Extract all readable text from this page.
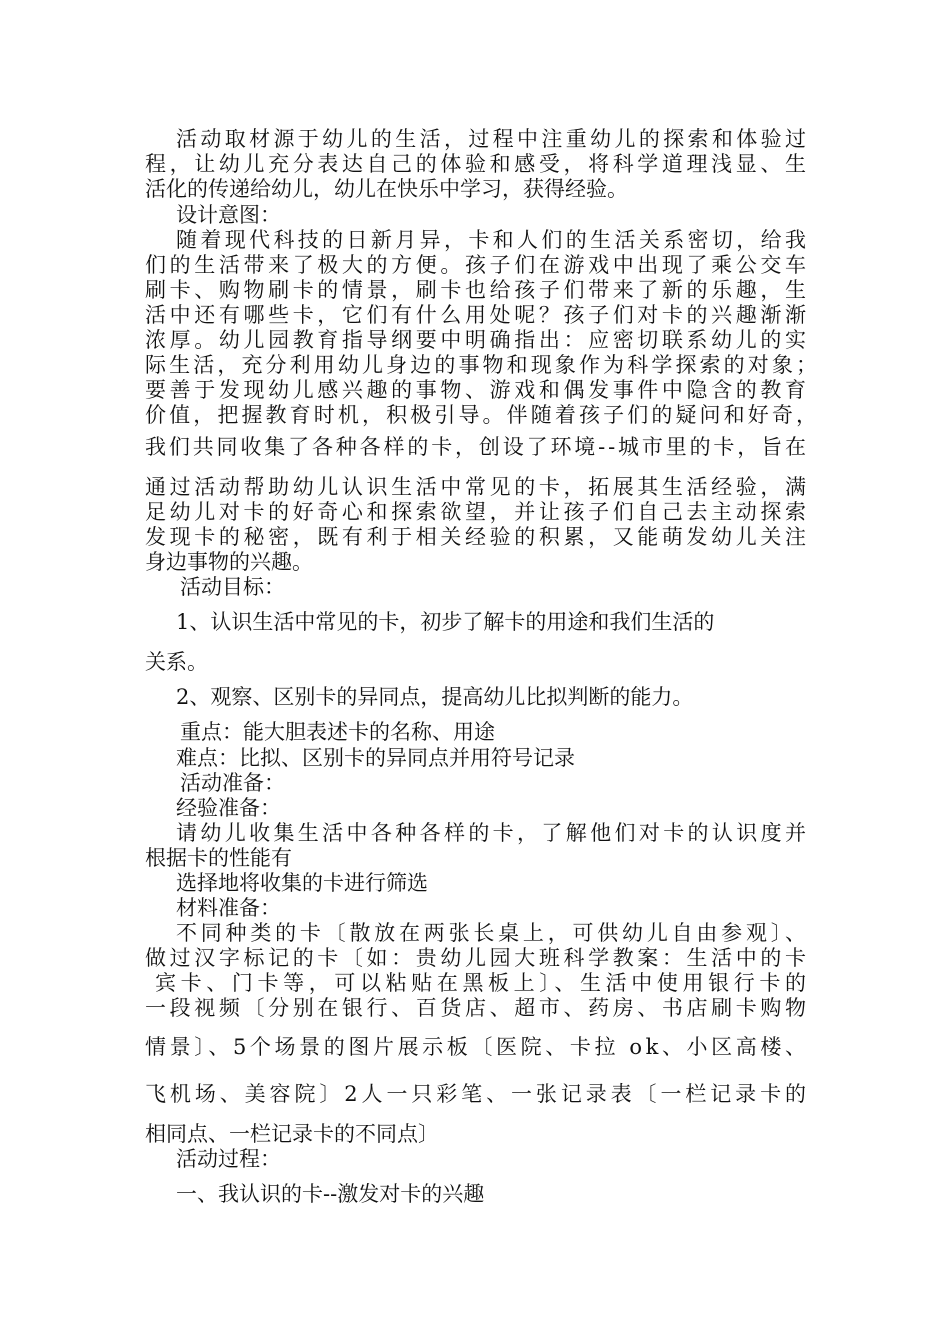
活动取材源于幼儿的生活，过程中注重幼儿的探索和体验过
程，让幼儿充分表达自己的体验和感受，将科学道理浅显、生
活化的传递给幼儿，幼儿在快乐中学习，获得经验。
设计意图：
随着现代科技的日新月异，卡和人们的生活关系密切，给我
们的生活带来了极大的方便。孩子们在游戏中出现了乘公交车
刷卡、购物刷卡的情景，刷卡也给孩子们带来了新的乐趣，生
活中还有哪些卡，它们有什么用处呢？孩子们对卡的兴趣渐渐
浓厚。幼儿园教育指导纲要中明确指出：应密切联系幼儿的实
际生活，充分利用幼儿身边的事物和现象作为科学探索的对象；
要善于发现幼儿感兴趣的事物、游戏和偶发事件中隐含的教育
价值，把握教育时机，积极引导。伴随着孩子们的疑问和好奇，
我们共同收集了各种各样的卡，创设了环境--城市里的卡，旨在
通过活动帮助幼儿认识生活中常见的卡，拓展其生活经验，满
足幼儿对卡的好奇心和探索欲望，并让孩子们自己去主动探索
发现卡的秘密，既有利于相关经验的积累，又能萌发幼儿关注
身边事物的兴趣。
活动目标：
1、认识生活中常见的卡，初步了解卡的用途和我们生活的
关系。
2、观察、区别卡的异同点，提高幼儿比拟判断的能力。
重点：能大胆表述卡的名称、用途
难点：比拟、区别卡的异同点并用符号记录
活动准备：
经验准备：
请幼儿收集生活中各种各样的卡，了解他们对卡的认识度并
根据卡的性能有
选择地将收集的卡进行筛选
材料准备：
不同种类的卡〔散放在两张长桌上，可供幼儿自由参观〕、
做过汉字标记的卡〔如：贵幼儿园大班科学教案：生活中的卡
宾卡、门卡等，可以粘贴在黑板上〕、生活中使用银行卡的
一段视频〔分别在银行、百货店、超市、药房、书店刷卡购物
情景〕、5个场景的图片展示板〔医院、卡拉 ok、小区高楼、
飞机场、美容院〕2人一只彩笔、一张记录表〔一栏记录卡的
相同点、一栏记录卡的不同点〕
活动过程：
一、我认识的卡--激发对卡的兴趣
